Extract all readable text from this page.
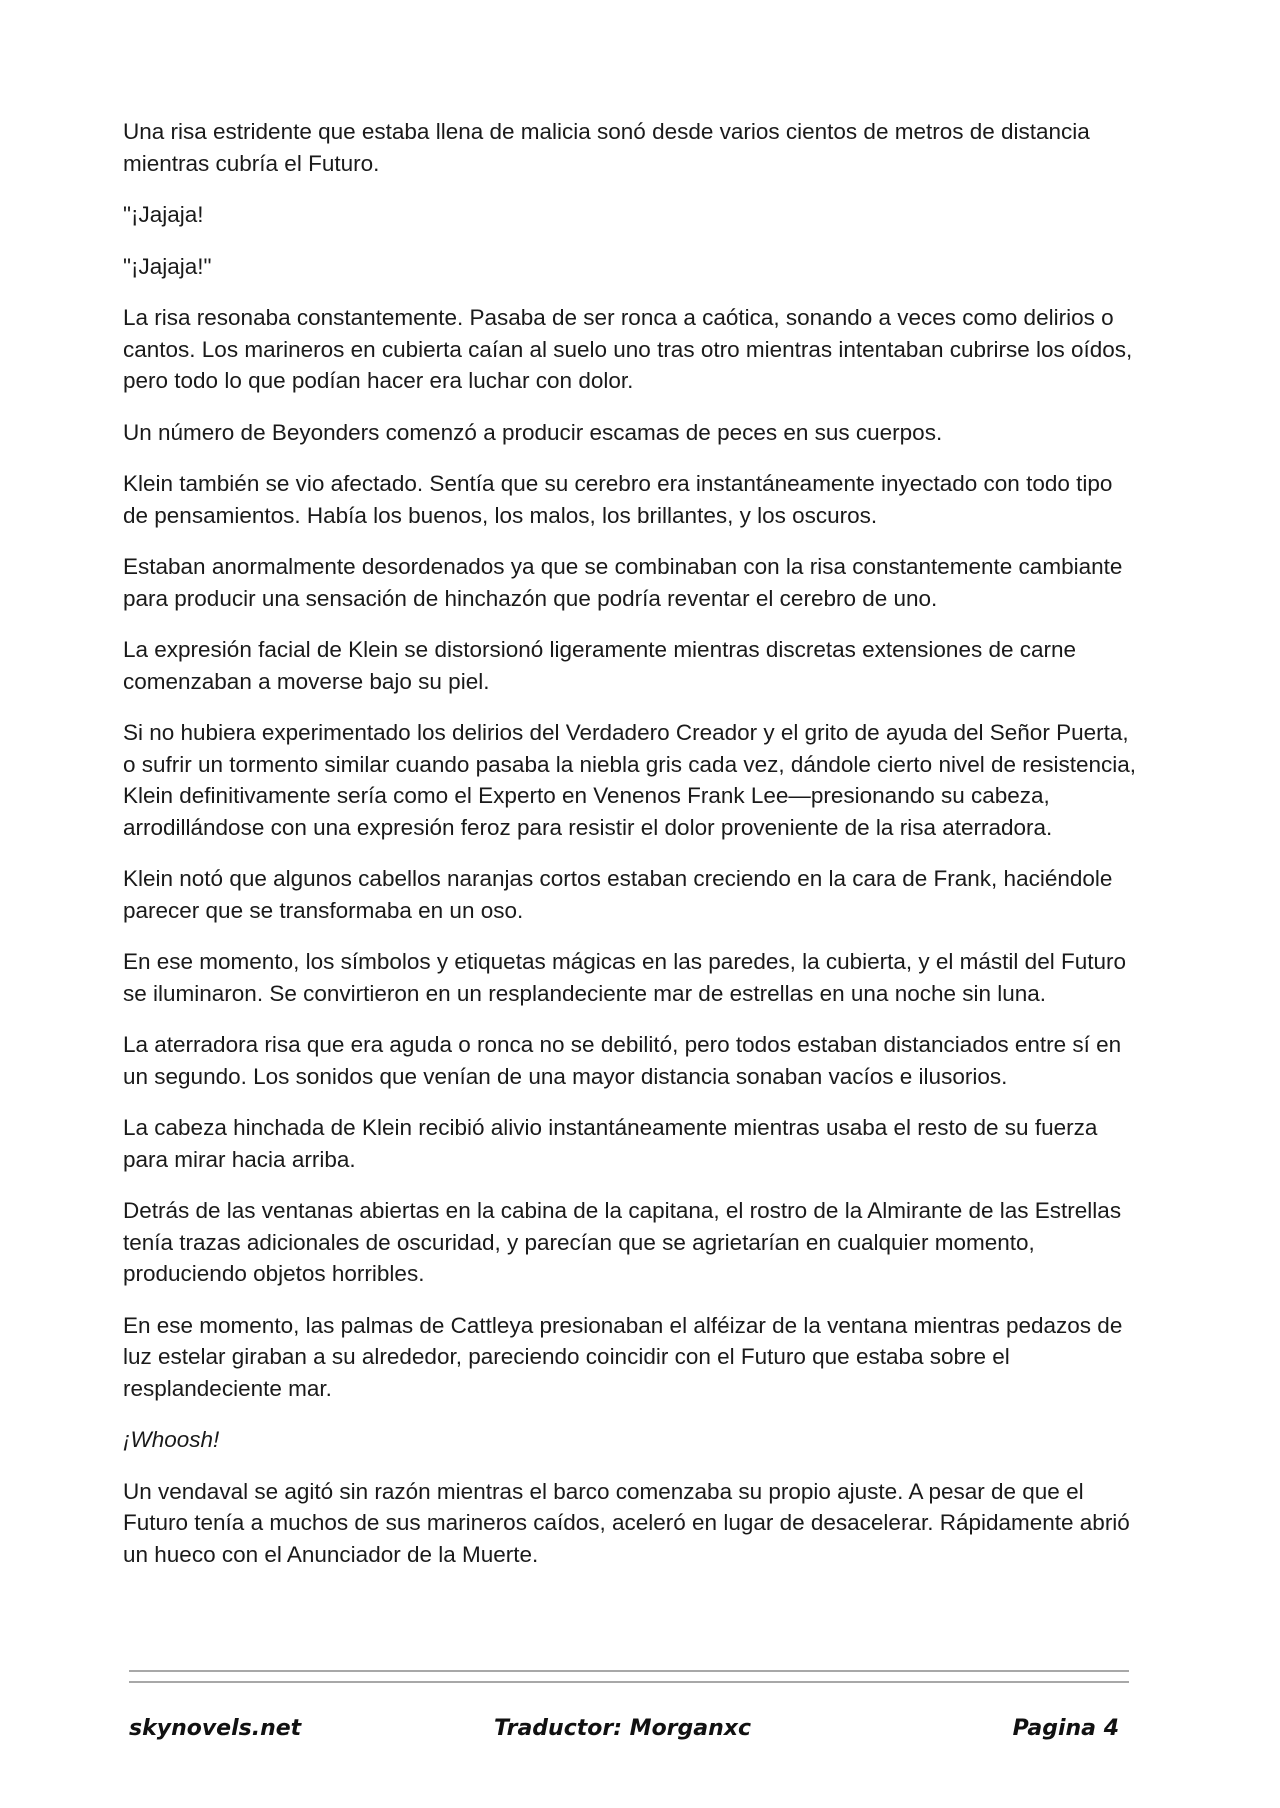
Una risa estridente que estaba llena de malicia sonó desde varios cientos de metros de distancia mientras cubría el Futuro.

"¡Jajaja!

"¡Jajaja!"

La risa resonaba constantemente. Pasaba de ser ronca a caótica, sonando a veces como delirios o cantos. Los marineros en cubierta caían al suelo uno tras otro mientras intentaban cubrirse los oídos, pero todo lo que podían hacer era luchar con dolor.

Un número de Beyonders comenzó a producir escamas de peces en sus cuerpos.

Klein también se vio afectado. Sentía que su cerebro era instantáneamente inyectado con todo tipo de pensamientos. Había los buenos, los malos, los brillantes, y los oscuros.

Estaban anormalmente desordenados ya que se combinaban con la risa constantemente cambiante para producir una sensación de hinchazón que podría reventar el cerebro de uno.

La expresión facial de Klein se distorsionó ligeramente mientras discretas extensiones de carne comenzaban a moverse bajo su piel.

Si no hubiera experimentado los delirios del Verdadero Creador y el grito de ayuda del Señor Puerta, o sufrir un tormento similar cuando pasaba la niebla gris cada vez, dándole cierto nivel de resistencia, Klein definitivamente sería como el Experto en Venenos Frank Lee—presionando su cabeza, arrodillándose con una expresión feroz para resistir el dolor proveniente de la risa aterradora.

Klein notó que algunos cabellos naranjas cortos estaban creciendo en la cara de Frank, haciéndole parecer que se transformaba en un oso.

En ese momento, los símbolos y etiquetas mágicas en las paredes, la cubierta, y el mástil del Futuro se iluminaron. Se convirtieron en un resplandeciente mar de estrellas en una noche sin luna.

La aterradora risa que era aguda o ronca no se debilitó, pero todos estaban distanciados entre sí en un segundo. Los sonidos que venían de una mayor distancia sonaban vacíos e ilusorios.

La cabeza hinchada de Klein recibió alivio instantáneamente mientras usaba el resto de su fuerza para mirar hacia arriba.

Detrás de las ventanas abiertas en la cabina de la capitana, el rostro de la Almirante de las Estrellas tenía trazas adicionales de oscuridad, y parecían que se agrietarían en cualquier momento, produciendo objetos horribles.

En ese momento, las palmas de Cattleya presionaban el alféizar de la ventana mientras pedazos de luz estelar giraban a su alrededor, pareciendo coincidir con el Futuro que estaba sobre el resplandeciente mar.

¡Whoosh!

Un vendaval se agitó sin razón mientras el barco comenzaba su propio ajuste. A pesar de que el Futuro tenía a muchos de sus marineros caídos, aceleró en lugar de desacelerar. Rápidamente abrió un hueco con el Anunciador de la Muerte.

skynovels.net	Traductor: Morganxc	Pagina 4
